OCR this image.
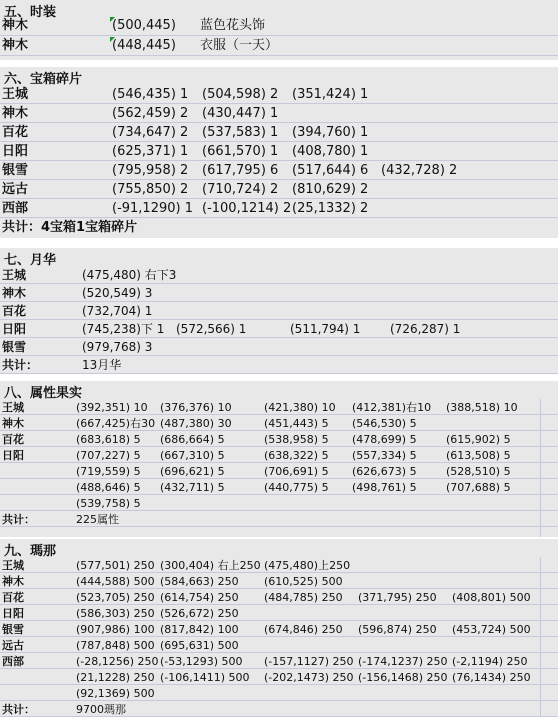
五、时装
神木	(500,445) 蓝色花头饰
神木	(448,445) 衣服（一天）
六、宝箱碎片
王城	(546,435) 1 (504,598) 2 (351,424) 1
神木	(562,459) 2 (430,447) 1
百花	(734,647) 2 (537,583) 1 (394,760) 1
日阳	(625,371) 1 (661,570) 1 (408,780) 1
银雪	(795,958) 2 (617,795) 6 (517,644) 6 (432,728) 2
远古	(755,850) 2 (710,724) 2 (810,629) 2
西部	(-91,1290) 1 (-100,1214) 2 (25,1332) 2
共计：4宝箱1宝箱碎片
七、月华
王城	(475,480) 右下3
神木	(520,549) 3
百花	(732,704) 1
日阳	(745,238)下 1 (572,566) 1	(511,794) 1 (726,287) 1
银雪	(979,768) 3
共计：	13月华
八、属性果实
王城	(392,351) 10 (376,376) 10	(421,380) 10 (412,381)右10 (388,518) 10
神木	(667,425)右30 (487,380) 30	(451,443) 5 (546,530) 5
百花	(683,618) 5 (686,664) 5	(538,958) 5 (478,699) 5	(615,902) 5
日阳	(707,227) 5 (667,310) 5	(638,322) 5 (557,334) 5	(613,508) 5
(719,559) 5 (696,621) 5	(706,691) 5 (626,673) 5	(528,510) 5
(488,646) 5 (432,711) 5	(440,775) 5 (498,761) 5	(707,688) 5
(539,758) 5
共计：	225属性
九、瑪那
王城	(577,501) 250 (300,404) 右上250 (475,480)上250
神木	(444,588) 500 (584,663) 250 (610,525) 500
百花	(523,705) 250 (614,754) 250 (484,785) 250 (371,795) 250 (408,801) 500
日阳	(586,303) 250 (526,672) 250
银雪	(907,986) 100 (817,842) 100 (674,846) 250 (596,874) 250 (453,724) 500
远古	(787,848) 500 (695,631) 500
西部	(-28,1256) 250 (-53,1293) 500 (-157,1127) 250 (-174,1237) 250 (-2,1194) 250
(21,1228) 250 (-106,1411) 500 (-202,1473) 250 (-156,1468) 250 (76,1434) 250
(92,1369) 500
共计：	9700瑪那
